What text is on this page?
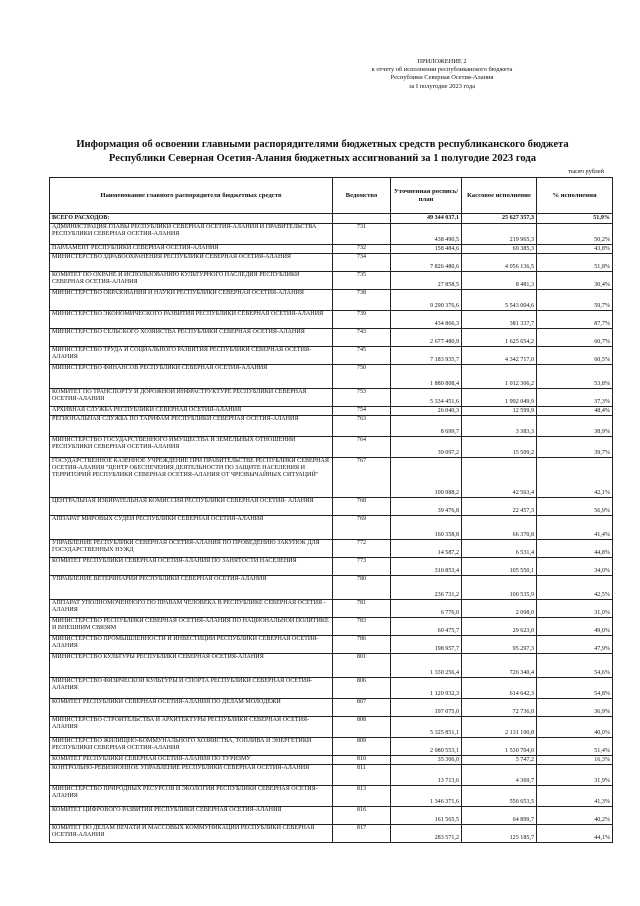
ПРИЛОЖЕНИЕ 2
к отчету об исполнении республиканского бюджета
Республики Северная Осетия-Алания
за I полугодие 2023 года
Информация об освоении главными распорядителями бюджетных средств республиканского бюджета
Республики Северная Осетия-Алания бюджетных ассигнований за 1 полугодие 2023 года
тысяч рублей
Наименование главного распорядителя бюджетных средств	Ведомство	Уточненная роспись/план	Кассовое исполнение	% исполнения
ВСЕГО РАСХОДОВ:		49 344 037,1	25 627 357,3	51,9%
АДМИНИСТРАЦИЯ ГЛАВЫ РЕСПУБЛИКИ СЕВЕРНАЯ ОСЕТИЯ-АЛАНИЯ И ПРАВИТЕЛЬСТВА РЕСПУБЛИКИ СЕВЕРНАЯ ОСЕТИЯ-АЛАНИЯ	731	438 490,5	219 965,3	50,2%
ПАРЛАМЕНТ РЕСПУБЛИКИ СЕВЕРНАЯ ОСЕТИЯ-АЛАНИЯ	732	158 484,6	69 385,3	43,8%
МИНИСТЕРСТВО ЗДРАВООХРАНЕНИЯ РЕСПУБЛИКИ СЕВЕРНАЯ ОСЕТИЯ-АЛАНИЯ	734	7 826 480,6	4 056 136,5	51,8%
КОМИТЕТ ПО ОХРАНЕ И ИСПОЛЬЗОВАНИЮ КУЛЬТУРНОГО НАСЛЕДИЯ РЕСПУБЛИКИ СЕВЕРНАЯ ОСЕТИЯ-АЛАНИЯ	735	27 858,5	8 481,3	30,4%
МИНИСТЕРСТВО ОБРАЗОВАНИЯ И НАУКИ РЕСПУБЛИКИ СЕВЕРНАЯ ОСЕТИЯ-АЛАНИЯ	738	9 290 376,6	5 543 004,6	59,7%
МИНИСТЕРСТВО ЭКОНОМИЧЕСКОГО РАЗВИТИЯ РЕСПУБЛИКИ СЕВЕРНАЯ ОСЕТИЯ-АЛАНИЯ	739	434 866,3	381 337,7	87,7%
МИНИСТЕРСТВО СЕЛЬСКОГО ХОЗЯЙСТВА РЕСПУБЛИКИ СЕВЕРНАЯ ОСЕТИЯ-АЛАНИЯ	743	2 677 480,9	1 625 654,2	60,7%
МИНИСТЕРСТВО ТРУДА И СОЦИАЛЬНОГО РАЗВИТИЯ РЕСПУБЛИКИ СЕВЕРНАЯ ОСЕТИЯ-АЛАНИЯ	745	7 183 935,7	4 342 717,0	60,5%
МИНИСТЕРСТВО ФИНАНСОВ РЕСПУБЛИКИ СЕВЕРНАЯ ОСЕТИЯ-АЛАНИЯ	750	1 880 808,4	1 012 306,2	53,8%
КОМИТЕТ ПО ТРАНСПОРТУ И ДОРОЖНОЙ ИНФРАСТРУКТУРЕ РЕСПУБЛИКИ СЕВЕРНАЯ ОСЕТИЯ-АЛАНИЯ	753	5 334 451,6	1 992 049,9	37,3%
АРХИВНАЯ СЛУЖБА РЕСПУБЛИКИ СЕВЕРНАЯ ОСЕТИЯ-АЛАНИЯ	754	26 040,3	12 599,9	48,4%
РЕГИОНАЛЬНАЯ СЛУЖБА ПО ТАРИФАМ РЕСПУБЛИКИ СЕВЕРНАЯ ОСЕТИЯ-АЛАНИЯ	763	8 699,7	3 383,3	38,9%
МИНИСТЕРСТВО ГОСУДАРСТВЕННОГО ИМУЩЕСТВА И ЗЕМЕЛЬНЫХ ОТНОШЕНИЙ РЕСПУБЛИКИ СЕВЕРНАЯ ОСЕТИЯ-АЛАНИЯ	764	39 097,2	15 509,2	39,7%
ГОСУДАРСТВЕННОЕ КАЗЕННОЕ УЧРЕЖДЕНИЕ ПРИ ПРАВИТЕЛЬСТВЕ РЕСПУБЛИКИ СЕВЕРНАЯ ОСЕТИЯ-АЛАНИЯ "ЦЕНТР ОБЕСПЕЧЕНИЯ ДЕЯТЕЛЬНОСТИ ПО ЗАЩИТЕ НАСЕЛЕНИЯ И ТЕРРИТОРИЙ РЕСПУБЛИКИ СЕВЕРНАЯ ОСЕТИЯ-АЛАНИЯ ОТ ЧРЕЗВЫЧАЙНЫХ СИТУАЦИЙ"	767	100 988,2	42 563,4	42,1%
ЦЕНТРАЛЬНАЯ ИЗБИРАТЕЛЬНАЯ КОМИССИЯ РЕСПУБЛИКИ СЕВЕРНАЯ ОСЕТИЯ- АЛАНИЯ	768	39 476,8	22 457,3	56,9%
АППАРАТ МИРОВЫХ СУДЕЙ РЕСПУБЛИКИ СЕВЕРНАЯ ОСЕТИЯ-АЛАНИЯ	769	160 358,8	66 370,8	41,4%
УПРАВЛЕНИЕ РЕСПУБЛИКИ СЕВЕРНАЯ ОСЕТИЯ-АЛАНИЯ ПО ПРОВЕДЕНИЮ ЗАКУПОК ДЛЯ ГОСУДАРСТВЕННЫХ НУЖД	772	14 587,2	6 531,4	44,8%
КОМИТЕТ РЕСПУБЛИКИ СЕВЕРНАЯ ОСЕТИЯ-АЛАНИЯ ПО ЗАНЯТОСТИ НАСЕЛЕНИЯ	773	310 853,4	105 550,1	34,0%
УПРАВЛЕНИЕ ВЕТЕРИНАРИИ РЕСПУБЛИКИ СЕВЕРНАЯ ОСЕТИЯ-АЛАНИЯ	780	236 731,2	100 535,9	42,5%
АППАРАТ УПОЛНОМОЧЕННОГО ПО ПРАВАМ ЧЕЛОВЕКА В РЕСПУБЛИКЕ СЕВЕРНАЯ ОСЕТИЯ - АЛАНИЯ	781	6 776,0	2 098,0	31,0%
МИНИСТЕРСТВО РЕСПУБЛИКИ СЕВЕРНАЯ ОСЕТИЯ-АЛАНИЯ ПО НАЦИОНАЛЬНОЙ ПОЛИТИКЕ И ВНЕШНИМ СВЯЗЯМ	783	60 475,7	29 623,0	49,0%
МИНИСТЕРСТВО ПРОМЫШЛЕННОСТИ И ИНВЕСТИЦИЙ РЕСПУБЛИКИ СЕВЕРНАЯ ОСЕТИЯ-АЛАНИЯ	786	198 957,7	95 297,3	47,9%
МИНИСТЕРСТВО КУЛЬТУРЫ РЕСПУБЛИКИ СЕВЕРНАЯ ОСЕТИЯ-АЛАНИЯ	801	1 330 256,4	726 340,4	54,6%
МИНИСТЕРСТВО ФИЗИЧЕСКОЙ КУЛЬТУРЫ И СПОРТА РЕСПУБЛИКИ СЕВЕРНАЯ ОСЕТИЯ-АЛАНИЯ	806	1 120 932,3	614 642,3	54,8%
КОМИТЕТ РЕСПУБЛИКИ СЕВЕРНАЯ ОСЕТИЯ-АЛАНИЯ ПО ДЕЛАМ МОЛОДЕЖИ	807	197 075,0	72 736,0	36,9%
МИНИСТЕРСТВО СТРОИТЕЛЬСТВА И АРХИТЕКТУРЫ РЕСПУБЛИКИ СЕВЕРНАЯ ОСЕТИЯ-АЛАНИЯ	808	5 325 851,1	2 131 190,8	40,0%
МИНИСТЕРСТВО ЖИЛИЩНО-КОММУНАЛЬНОГО ХОЗЯЙСТВА, ТОПЛИВА И ЭНЕРГЕТИКИ РЕСПУБЛИКИ СЕВЕРНАЯ ОСЕТИЯ-АЛАНИЯ	809	2 980 553,1	1 530 704,0	51,4%
КОМИТЕТ РЕСПУБЛИКИ СЕВЕРНАЯ ОСЕТИЯ-АЛАНИЯ ПО ТУРИЗМУ	810	35 306,0	5 747,2	16,3%
КОНТРОЛЬНО-РЕВИЗИОННОЕ УПРАВЛЕНИЕ РЕСПУБЛИКИ СЕВЕРНАЯ ОСЕТИЯ-АЛАНИЯ	811	13 713,6	4 369,7	31,9%
МИНИСТЕРСТВО ПРИРОДНЫХ РЕСУРСОВ И ЭКОЛОГИИ РЕСПУБЛИКИ СЕВЕРНАЯ ОСЕТИЯ-АЛАНИЯ	813	1 346 371,6	556 653,5	41,3%
КОМИТЕТ ЦИФРОВОГО РАЗВИТИЯ РЕСПУБЛИКИ СЕВЕРНАЯ ОСЕТИЯ-АЛАНИЯ	816	161 565,5	64 899,7	40,2%
КОМИТЕТ ПО ДЕЛАМ ПЕЧАТИ И МАССОВЫХ КОММУНИКАЦИЙ РЕСПУБЛИКИ СЕВЕРНАЯ ОСЕТИЯ-АЛАНИЯ	817	283 571,2	125 185,7	44,1%
